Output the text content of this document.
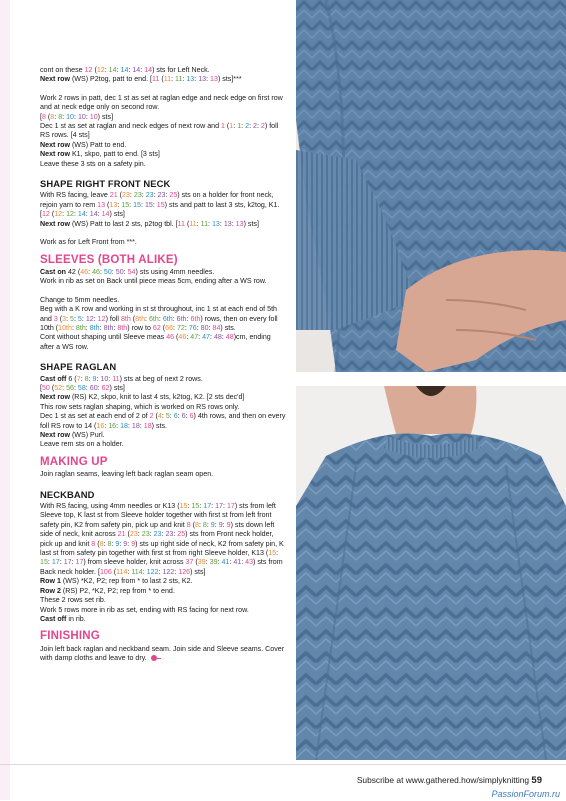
cont on these 12 (12: 14: 14: 14: 14) sts for Left Neck.

Next row (WS) P2tog, patt to end. [11 (11: 11: 13: 13: 13) sts]***

Work 2 rows in patt, dec 1 st as set at raglan edge and neck edge on first row and at neck edge only on second row.

[8 (8: 8: 10: 10: 10) sts]

Dec 1 st as set at raglan and neck edges of next row and 1 (1: 1: 2: 2: 2) foll RS rows. [4 sts]

Next row (WS) Patt to end.

Next row K1, skpo, patt to end. [3 sts]

Leave these 3 sts on a safety pin.

SHAPE RIGHT FRONT NECK

With RS facing, leave 21 (23: 23: 23: 23: 25) sts on a holder for front neck, rejoin yarn to rem 13 (13: 15: 15: 15: 15) sts and patt to last 3 sts, k2tog, K1. [12 (12: 12: 14: 14: 14) sts]

Next row (WS) Patt to last 2 sts, p2tog tbl. [11 (11: 11: 13: 13: 13) sts]

Work as for Left Front from ***.

SLEEVES (BOTH ALIKE)

Cast on 42 (46: 46: 50: 50: 54) sts using 4mm needles.

Work in rib as set on Back until piece meas 5cm, ending after a WS row.

Change to 5mm needles.

Beg with a K row and working in st st throughout, inc 1 st at each end of 5th and 3 (3: 5: 5: 12: 12) foll 8th (8th: 6th: 6th: 6th: 6th) rows, then on every foll 10th (10th: 8th: 8th: 8th: 8th) row to 62 (66: 72: 76: 80: 84) sts.

Cont without shaping until Sleeve meas 46 (46: 47: 47: 48: 48)cm, ending after a WS row.

SHAPE RAGLAN

Cast off 6 (7: 8: 9: 10: 11) sts at beg of next 2 rows.

[50 (52: 56: 58: 60: 62) sts]

Next row (RS) K2, skpo, knit to last 4 sts, k2tog, K2. [2 sts dec'd]

This row sets raglan shaping, which is worked on RS rows only.

Dec 1 st as set at each end of 2 of 2 (4: 5: 6: 6: 6) 4th rows, and then on every foll RS row to 14 (16: 16: 18: 18: 18) sts.

Next row (WS) Purl.

Leave rem sts on a holder.

MAKING UP

Join raglan seams, leaving left back raglan seam open.

NECKBAND

With RS facing, using 4mm needles or K13 (15: 15: 17: 17: 17) sts from left Sleeve top, K last st from Sleeve holder together with first st from left front safety pin, K2 from safety pin, pick up and knit 8 (8: 8: 9: 9: 9) sts down left side of neck, knit across 21 (23: 23: 23: 23: 25) sts from Front neck holder, pick up and knit 8 (8: 8: 9: 9: 9) sts up right side of neck, K2 from safety pin, K last st from safety pin together with first st from right Sleeve holder, K13 (15: 15: 17: 17: 17) from sleeve holder, knit across 37 (39: 39: 41: 41: 43) sts from Back neck holder. [106 (114: 114: 122: 122: 126) sts]

Row 1 (WS) *K2, P2; rep from * to last 2 sts, K2.

Row 2 (RS) P2, *K2, P2; rep from * to end.

These 2 rows set rib.

Work 5 rows more in rib as set, ending with RS facing for next row.

Cast off in rib.

FINISHING

Join left back raglan and neckband seam. Join side and Sleeve seams. Cover with damp cloths and leave to dry.

Subscribe at www.gathered.how/simplyknitting 59
PassionForum.ru
